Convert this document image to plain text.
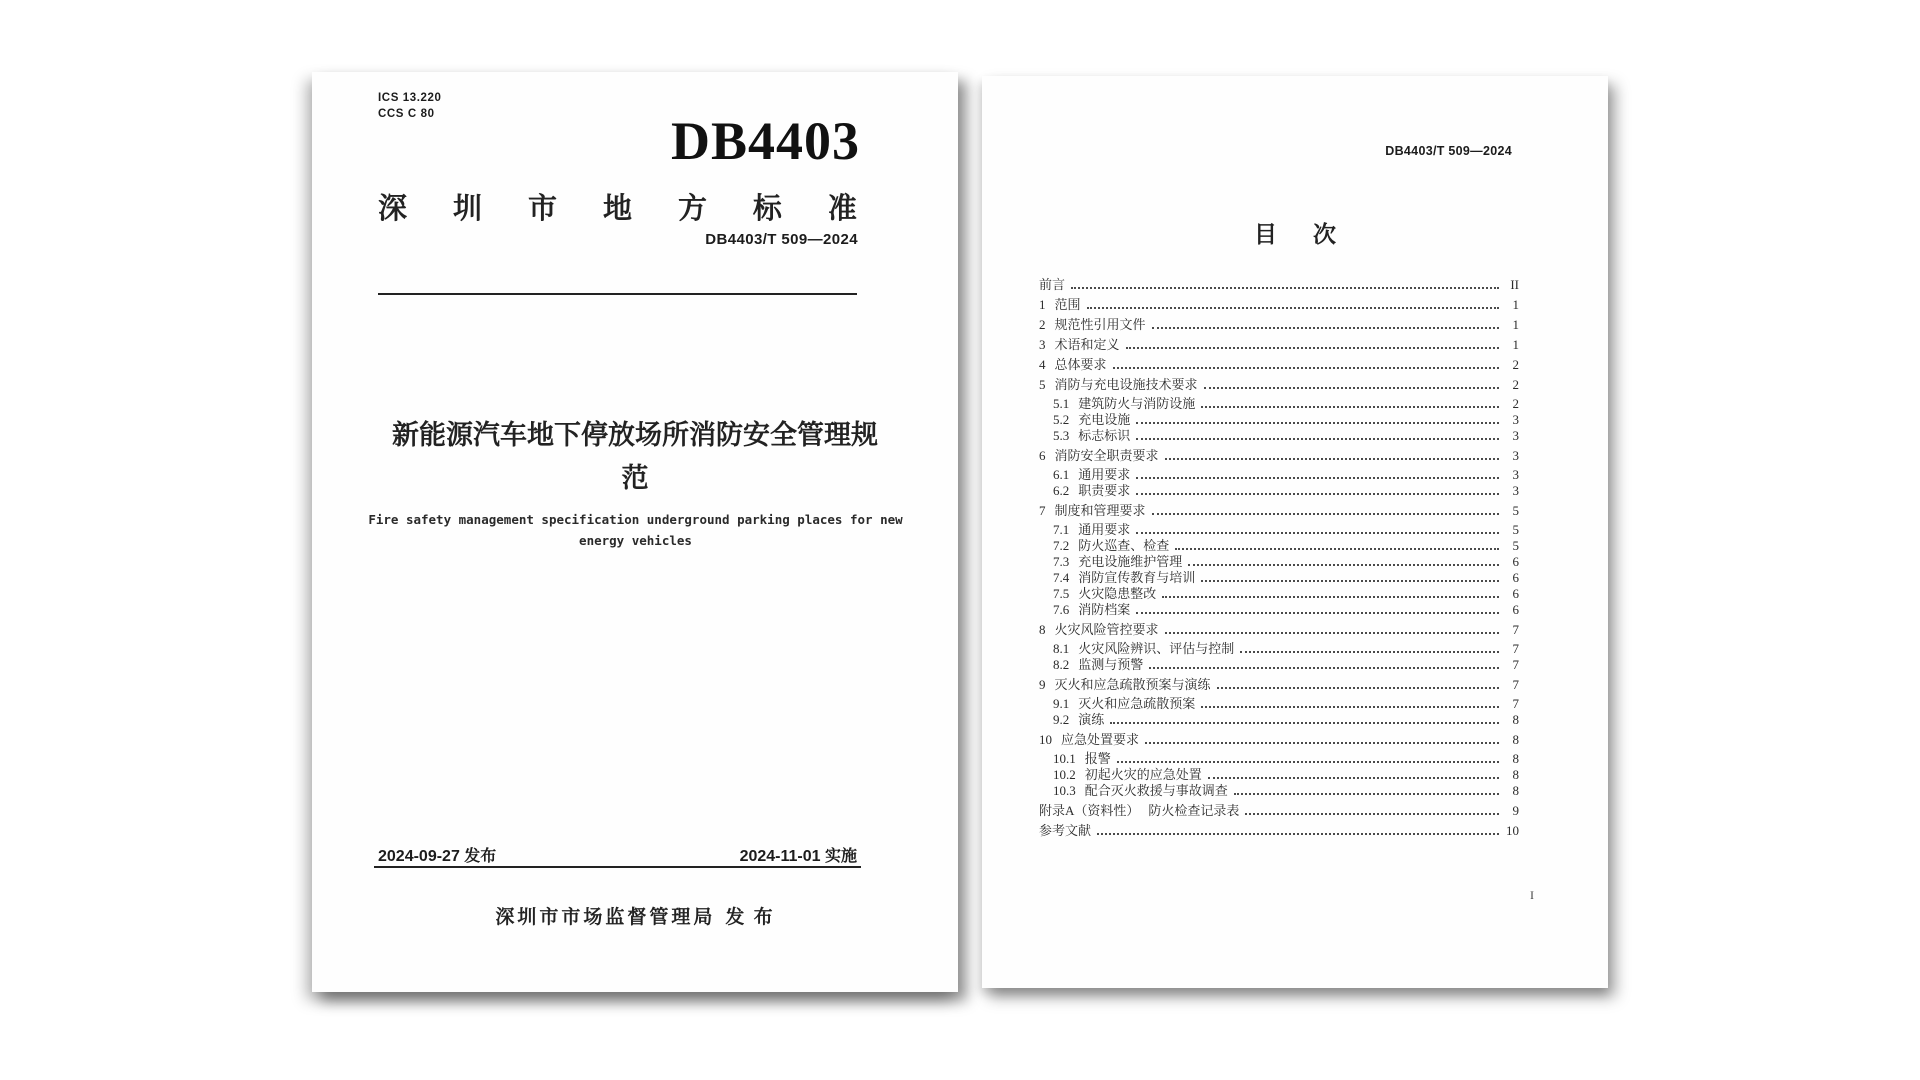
ICS 13.220
CCS C 80	DB4403
深 圳 市 地 方 标 准
DB4403/T 509—2024
新能源汽车地下停放场所消防安全管理规范
Fire safety management specification underground parking places for new energy vehicles
2024-09-27 发布	2024-11-01 实施
深圳市市场监督管理局 发 布
DB4403/T 509—2024
目 次
前言	II
1 范围	1
2 规范性引用文件	1
3 术语和定义	1
4 总体要求	2
5 消防与充电设施技术要求	2
5.1 建筑防火与消防设施	2
5.2 充电设施	3
5.3 标志标识	3
6 消防安全职责要求	3
6.1 通用要求	3
6.2 职责要求	3
7 制度和管理要求	5
7.1 通用要求	5
7.2 防火巡查、检查	5
7.3 充电设施维护管理	6
7.4 消防宣传教育与培训	6
7.5 火灾隐患整改	6
7.6 消防档案	6
8 火灾风险管控要求	7
8.1 火灾风险辨识、评估与控制	7
8.2 监测与预警	7
9 灭火和应急疏散预案与演练	7
9.1 灭火和应急疏散预案	7
9.2 演练	8
10 应急处置要求	8
10.1 报警	8
10.2 初起火灾的应急处置	8
10.3 配合灭火救援与事故调查	8
附录A（资料性） 防火检查记录表	9
参考文献	10
I
